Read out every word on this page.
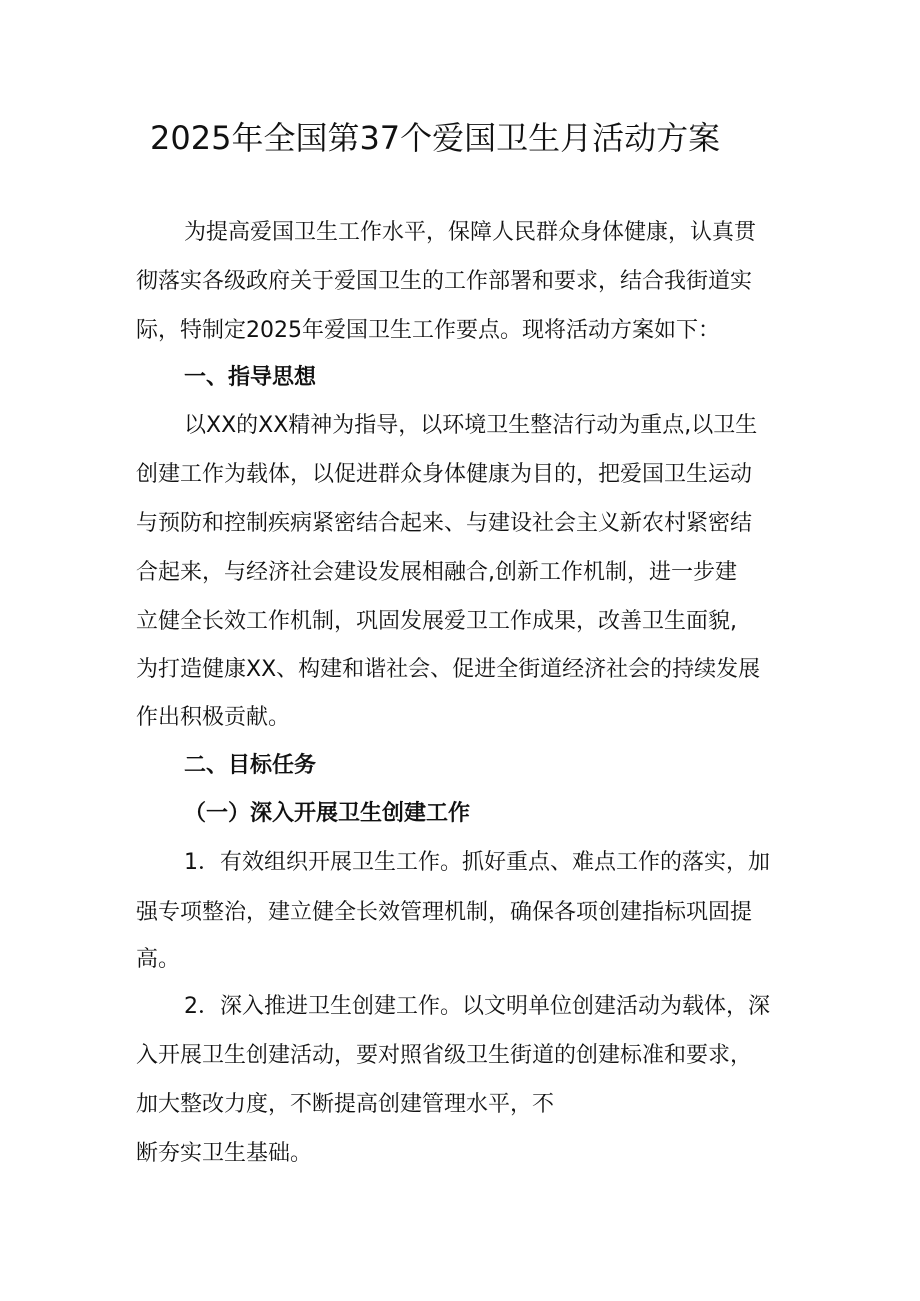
2025年全国第37个爱国卫生月活动方案
为提高爱国卫生工作水平，保障人民群众身体健康，认真贯
彻落实各级政府关于爱国卫生的工作部署和要求，结合我街道实
际，特制定2025年爱国卫生工作要点。现将活动方案如下：
一、指导思想
以XX的XX精神为指导，以环境卫生整洁行动为重点,以卫生
创建工作为载体，以促进群众身体健康为目的，把爱国卫生运动
与预防和控制疾病紧密结合起来、与建设社会主义新农村紧密结
合起来，与经济社会建设发展相融合,创新工作机制，进一步建
立健全长效工作机制，巩固发展爱卫工作成果，改善卫生面貌,
为打造健康XX、构建和谐社会、促进全街道经济社会的持续发展
作出积极贡献。
二、目标任务
（一）深入开展卫生创建工作
1．有效组织开展卫生工作。抓好重点、难点工作的落实，加
强专项整治，建立健全长效管理机制，确保各项创建指标巩固提
高。
2．深入推进卫生创建工作。以文明单位创建活动为载体，深
入开展卫生创建活动，要对照省级卫生街道的创建标准和要求，
加大整改力度，不断提高创建管理水平，不
断夯实卫生基础。
